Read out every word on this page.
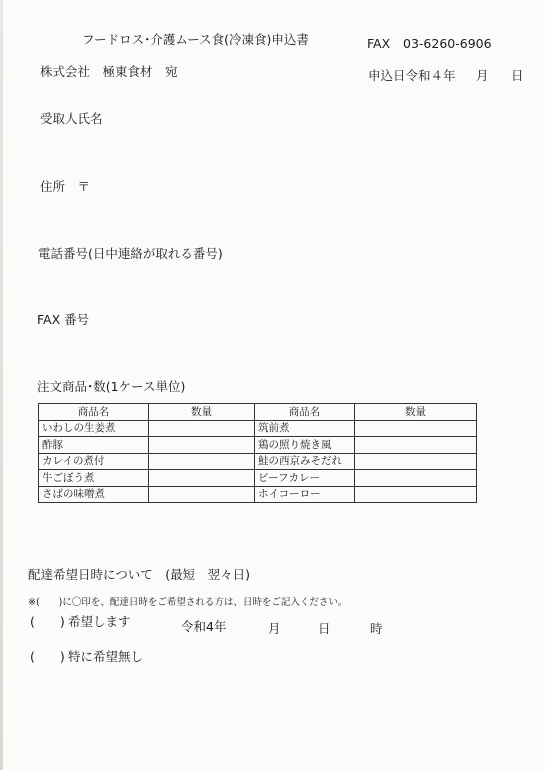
フードロス･介護ムース食(冷凍食)申込書	FAX 03-6260-6906
株式会社　極東食材　宛	申込日令和４年 月 日
受取人氏名
住所　〒
電話番号(日中連絡が取れる番号)
FAX 番号
注文商品･数(1ケース単位)
商品名	数量	商品名	数量
いわしの生姜煮		筑前煮	
酢豚		鶏の照り焼き風	
カレイの煮付		鮭の西京みそだれ	
牛ごぼう煮		ビーフカレー	
さばの味噌煮		ホイコーロー	
配達希望日時について　(最短　翌々日)
※(　　)に〇印を、配達日時をご希望される方は、日時をご記入ください。
(　　) 希望します	令和4年	月	日	時
(　　) 特に希望無し
